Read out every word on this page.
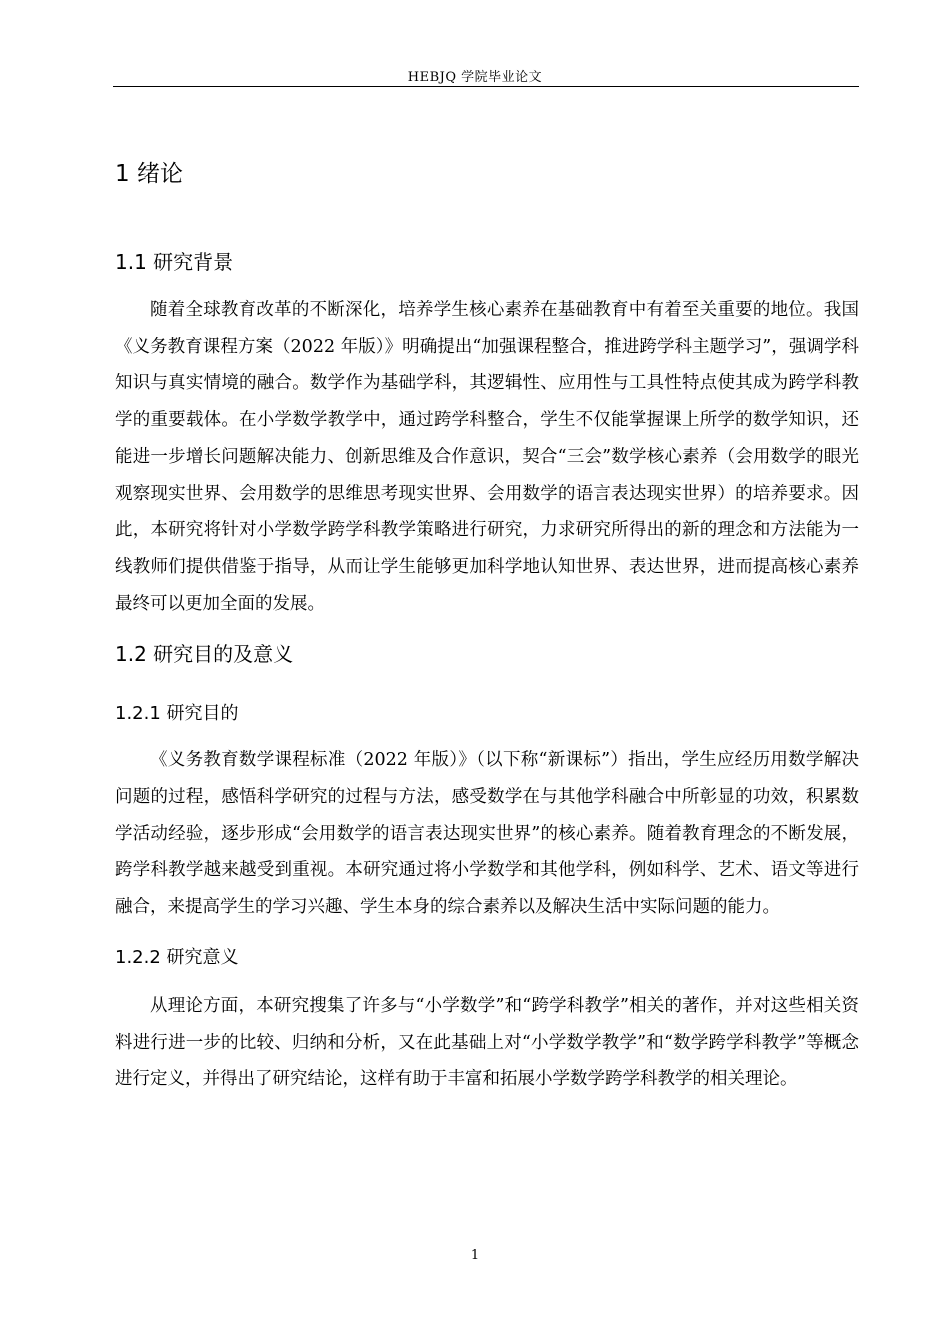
HEBJQ 学院毕业论文
1 绪论
1.1 研究背景

随着全球教育改革的不断深化，培养学生核心素养在基础教育中有着至关重要的地位。我国《义务教育课程方案（2022 年版）》明确提出“加强课程整合，推进跨学科主题学习”，强调学科知识与真实情境的融合。数学作为基础学科，其逻辑性、应用性与工具性特点使其成为跨学科教学的重要载体。在小学数学教学中，通过跨学科整合，学生不仅能掌握课上所学的数学知识，还能进一步增长问题解决能力、创新思维及合作意识，契合“三会”数学核心素养（会用数学的眼光观察现实世界、会用数学的思维思考现实世界、会用数学的语言表达现实世界）的培养要求。因此，本研究将针对小学数学跨学科教学策略进行研究，力求研究所得出的新的理念和方法能为一线教师们提供借鉴于指导，从而让学生能够更加科学地认知世界、表达世界，进而提高核心素养最终可以更加全面的发展。

1.2 研究目的及意义
1.2.1 研究目的

《义务教育数学课程标准（2022 年版）》（以下称“新课标”）指出，学生应经历用数学解决问题的过程，感悟科学研究的过程与方法，感受数学在与其他学科融合中所彰显的功效，积累数学活动经验，逐步形成“会用数学的语言表达现实世界”的核心素养。随着教育理念的不断发展，跨学科教学越来越受到重视。本研究通过将小学数学和其他学科，例如科学、艺术、语文等进行融合，来提高学生的学习兴趣、学生本身的综合素养以及解决生活中实际问题的能力。

1.2.2 研究意义

从理论方面，本研究搜集了许多与“小学数学”和“跨学科教学”相关的著作，并对这些相关资料进行进一步的比较、归纳和分析，又在此基础上对“小学数学教学”和“数学跨学科教学”等概念进行定义，并得出了研究结论，这样有助于丰富和拓展小学数学跨学科教学的相关理论。

1
